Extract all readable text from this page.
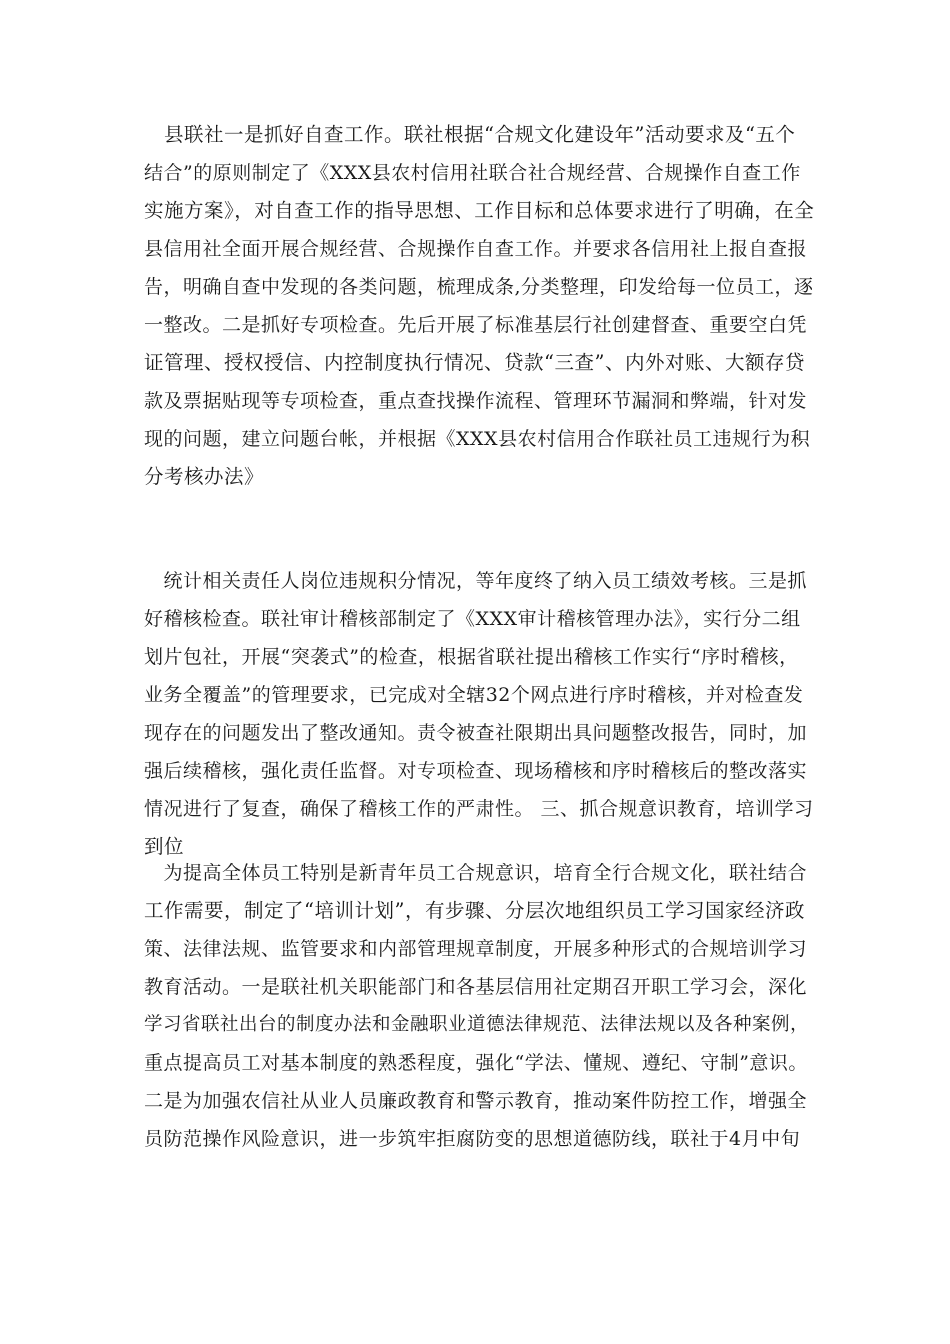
　县联社一是抓好自查工作。联社根据“合规文化建设年”活动要求及“五个
结合”的原则制定了《XXX县农村信用社联合社合规经营、合规操作自查工作
实施方案》，对自查工作的指导思想、工作目标和总体要求进行了明确，在全
县信用社全面开展合规经营、合规操作自查工作。并要求各信用社上报自查报
告，明确自查中发现的各类问题，梳理成条,分类整理，印发给每一位员工，逐
一整改。二是抓好专项检查。先后开展了标准基层行社创建督查、重要空白凭
证管理、授权授信、内控制度执行情况、贷款“三查”、内外对账、大额存贷
款及票据贴现等专项检查，重点查找操作流程、管理环节漏洞和弊端，针对发
现的问题，建立问题台帐，并根据《XXX县农村信用合作联社员工违规行为积
分考核办法》
　统计相关责任人岗位违规积分情况，等年度终了纳入员工绩效考核。三是抓
好稽核检查。联社审计稽核部制定了《XXX审计稽核管理办法》，实行分二组
划片包社，开展“突袭式”的检查，根据省联社提出稽核工作实行“序时稽核，
业务全覆盖”的管理要求，已完成对全辖32个网点进行序时稽核，并对检查发
现存在的问题发出了整改通知。责令被查社限期出具问题整改报告，同时，加
强后续稽核，强化责任监督。对专项检查、现场稽核和序时稽核后的整改落实
情况进行了复查，确保了稽核工作的严肃性。 三、抓合规意识教育，培训学习
到位
　为提高全体员工特别是新青年员工合规意识，培育全行合规文化，联社结合
工作需要，制定了“培训计划”，有步骤、分层次地组织员工学习国家经济政
策、法律法规、监管要求和内部管理规章制度，开展多种形式的合规培训学习
教育活动。一是联社机关职能部门和各基层信用社定期召开职工学习会，深化
学习省联社出台的制度办法和金融职业道德法律规范、法律法规以及各种案例，
重点提高员工对基本制度的熟悉程度，强化“学法、懂规、遵纪、守制”意识。
二是为加强农信社从业人员廉政教育和警示教育，推动案件防控工作，增强全
员防范操作风险意识，进一步筑牢拒腐防变的思想道德防线，联社于4月中旬
